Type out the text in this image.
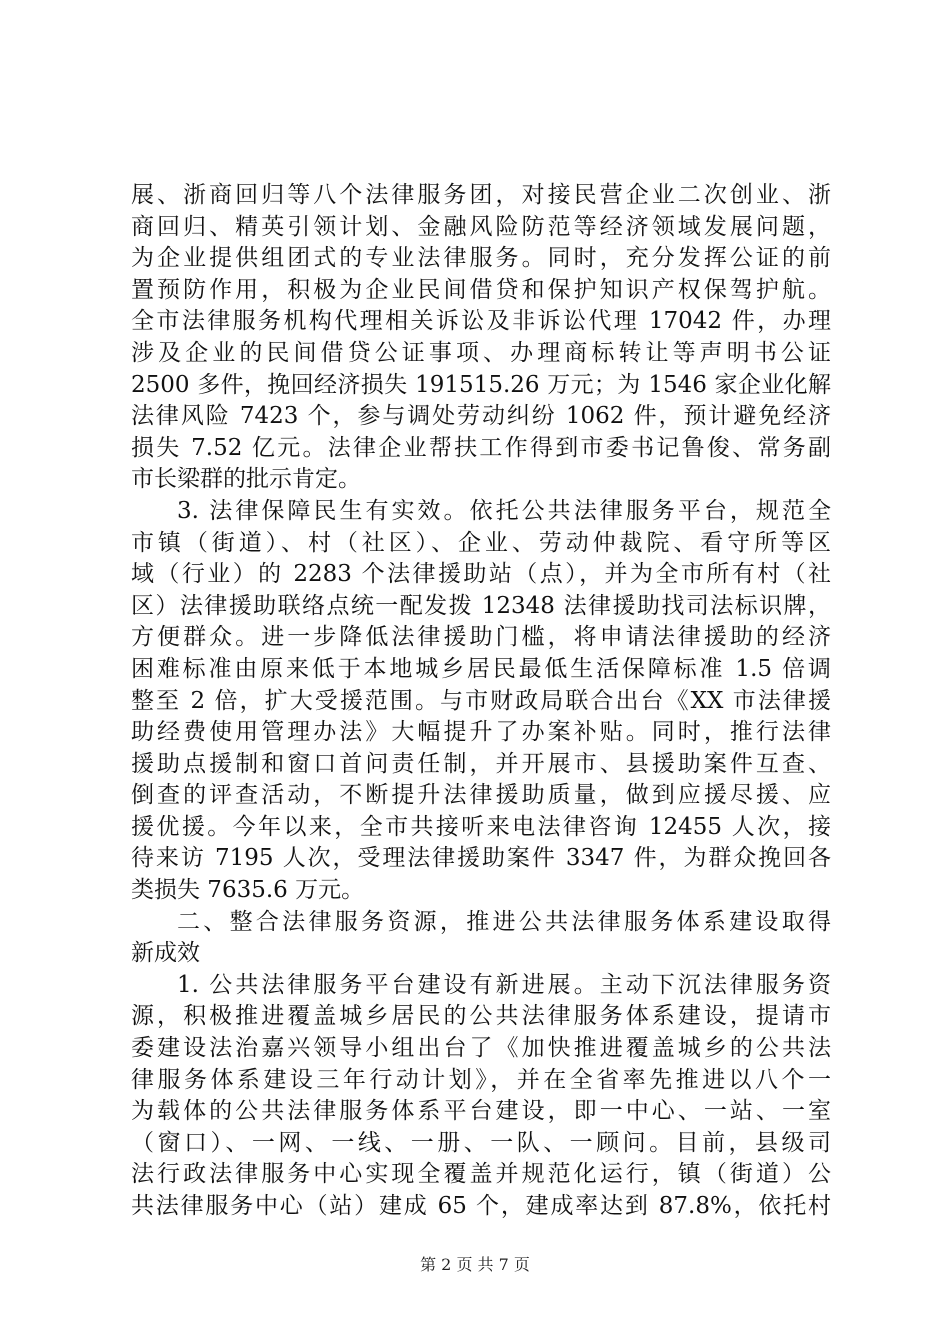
展、浙商回归等八个法律服务团，对接民营企业二次创业、浙
商回归、精英引领计划、金融风险防范等经济领域发展问题，
为企业提供组团式的专业法律服务。同时，充分发挥公证的前
置预防作用，积极为企业民间借贷和保护知识产权保驾护航。
全市法律服务机构代理相关诉讼及非诉讼代理 17042 件，办理
涉及企业的民间借贷公证事项、办理商标转让等声明书公证
2500 多件，挽回经济损失 191515.26 万元；为 1546 家企业化解
法律风险 7423 个，参与调处劳动纠纷 1062 件，预计避免经济
损失 7.52 亿元。法律企业帮扶工作得到市委书记鲁俊、常务副
市长梁群的批示肯定。
3. 法律保障民生有实效。依托公共法律服务平台，规范全
市镇（街道）、村（社区）、企业、劳动仲裁院、看守所等区
域（行业）的 2283 个法律援助站（点），并为全市所有村（社
区）法律援助联络点统一配发拨 12348 法律援助找司法标识牌，
方便群众。进一步降低法律援助门槛，将申请法律援助的经济
困难标准由原来低于本地城乡居民最低生活保障标准 1.5 倍调
整至 2 倍，扩大受援范围。与市财政局联合出台《XX 市法律援
助经费使用管理办法》大幅提升了办案补贴。同时，推行法律
援助点援制和窗口首问责任制，并开展市、县援助案件互查、
倒查的评查活动，不断提升法律援助质量，做到应援尽援、应
援优援。今年以来，全市共接听来电法律咨询 12455 人次，接
待来访 7195 人次，受理法律援助案件 3347 件，为群众挽回各
类损失 7635.6 万元。
二、整合法律服务资源，推进公共法律服务体系建设取得
新成效
1. 公共法律服务平台建设有新进展。主动下沉法律服务资
源，积极推进覆盖城乡居民的公共法律服务体系建设，提请市
委建设法治嘉兴领导小组出台了《加快推进覆盖城乡的公共法
律服务体系建设三年行动计划》，并在全省率先推进以八个一
为载体的公共法律服务体系平台建设，即一中心、一站、一室
（窗口）、一网、一线、一册、一队、一顾问。目前，县级司
法行政法律服务中心实现全覆盖并规范化运行，镇（街道）公
共法律服务中心（站）建成 65 个，建成率达到 87.8%，依托村
第 2 页 共 7 页
